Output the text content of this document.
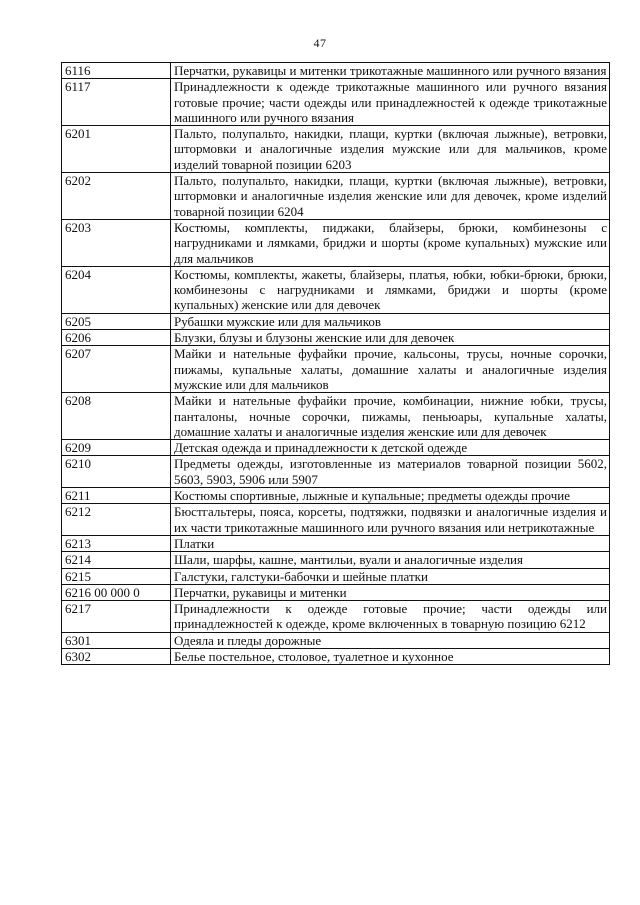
47
6116	Перчатки, рукавицы и митенки трикотажные машинного или ручного вязания
6117	Принадлежности к одежде трикотажные машинного или ручного вязания готовые прочие; части одежды или принадлежностей к одежде трикотажные машинного или ручного вязания
6201	Пальто, полупальто, накидки, плащи, куртки (включая лыжные), ветровки, штормовки и аналогичные изделия мужские или для мальчиков, кроме изделий товарной позиции 6203
6202	Пальто, полупальто, накидки, плащи, куртки (включая лыжные), ветровки, штормовки и аналогичные изделия женские или для девочек, кроме изделий товарной позиции 6204
6203	Костюмы, комплекты, пиджаки, блайзеры, брюки, комбинезоны с нагрудниками и лямками, бриджи и шорты (кроме купальных) мужские или для мальчиков
6204	Костюмы, комплекты, жакеты, блайзеры, платья, юбки, юбки-брюки, брюки, комбинезоны с нагрудниками и лямками, бриджи и шорты (кроме купальных) женские или для девочек
6205	Рубашки мужские или для мальчиков
6206	Блузки, блузы и блузоны женские или для девочек
6207	Майки и нательные фуфайки прочие, кальсоны, трусы, ночные сорочки, пижамы, купальные халаты, домашние халаты и аналогичные изделия мужские или для мальчиков
6208	Майки и нательные фуфайки прочие, комбинации, нижние юбки, трусы, панталоны, ночные сорочки, пижамы, пеньюары, купальные халаты, домашние халаты и аналогичные изделия женские или для девочек
6209	Детская одежда и принадлежности к детской одежде
6210	Предметы одежды, изготовленные из материалов товарной позиции 5602, 5603, 5903, 5906 или 5907
6211	Костюмы спортивные, лыжные и купальные; предметы одежды прочие
6212	Бюстгальтеры, пояса, корсеты, подтяжки, подвязки и аналогичные изделия и их части трикотажные машинного или ручного вязания или нетрикотажные
6213	Платки
6214	Шали, шарфы, кашне, мантильи, вуали и аналогичные изделия
6215	Галстуки, галстуки-бабочки и шейные платки
6216 00 000 0	Перчатки, рукавицы и митенки
6217	Принадлежности к одежде готовые прочие; части одежды или принадлежностей к одежде, кроме включенных в товарную позицию 6212
6301	Одеяла и пледы дорожные
6302	Белье постельное, столовое, туалетное и кухонное
